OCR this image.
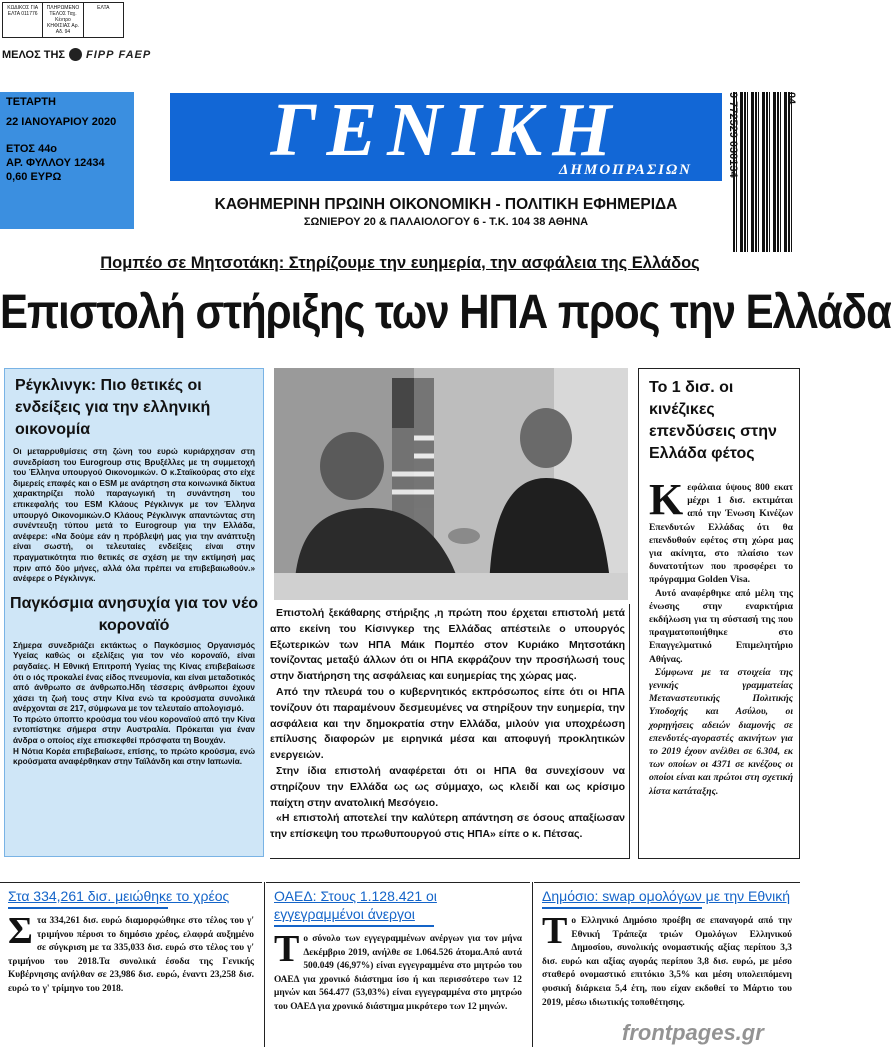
ΚΩΔΙΚΟΣ ΓΙΑ ΕΛΤΑ 011776
ΠΛΗΡΩΜΕΝΟ ΤΕΛΟΣ Ταχ. Κέντρο ΚΗΦΙΣΙΑΣ Αρ. Αδ. 94
ΕΛΤΑ
ΜΕΛΟΣ ΤΗΣ FIPP FAEP
ΤΕΤΑΡΤΗ
22 ΙΑΝΟΥΑΡΙΟΥ 2020
ΕΤΟΣ 44ο
ΑΡ. ΦΥΛΛΟΥ 12434
0,60 ΕΥΡΩ
ΓΕΝΙΚΗ
ΔΗΜΟΠΡΑΣΙΩΝ
ΚΑΘΗΜΕΡΙΝΗ ΠΡΩΙΝΗ ΟΙΚΟΝΟΜΙΚΗ - ΠΟΛΙΤΙΚΗ ΕΦΗΜΕΡΙΔΑ
ΣΩΝΙΕΡΟΥ 20 & ΠΑΛΑΙΟΛΟΓΟΥ 6 - Τ.Κ. 104 38 ΑΘΗΝΑ
9 772529 030134	04
Πομπέο σε Μητσοτάκη: Στηρίζουμε την ευημερία, την ασφάλεια της Ελλάδος
Επιστολή στήριξης των ΗΠΑ προς την Ελλάδα
Ρέγκλινγκ: Πιο θετικές οι ενδείξεις για την ελληνική οικονομία

Οι μεταρρυθμίσεις στη ζώνη του ευρώ κυριάρχησαν στη συνεδρίαση του Eurogroup στις Βρυξέλλες με τη συμμετοχή του Έλληνα υπουργού Οικονομικών. Ο κ.Σταϊκούρας στο είχε διμερείς επαφές και ο ESM με ανάρτηση στα κοινωνικά δίκτυα χαρακτηρίζει πολύ παραγωγική τη συνάντηση του επικεφαλής του ESM Κλάους Ρέγκλινγκ με τον Έλληνα υπουργό Οικονομικών.Ο Κλάους Ρέγκλινγκ απαντώντας στη συνέντευξη τύπου μετά το Eurogroup για την Ελλάδα, ανέφερε: «Να δούμε εάν η πρόβλεψή μας για την ανάπτυξη είναι σωστή, οι τελευταίες ενδείξεις είναι στην πραγματικότητα πιο θετικές σε σχέση με την εκτίμησή μας πριν από δύο μήνες, αλλά όλα πρέπει να επιβεβαιωθούν.» ανέφερε ο Ρέγκλινγκ.

Παγκόσμια ανησυχία για τον νέο κοροναϊό

Σήμερα συνεδριάζει εκτάκτως ο Παγκόσμιος Οργανισμός Υγείας καθώς οι εξελίξεις για τον νέο κοροναϊό, είναι ραγδαίες. Η Εθνική Επιτροπή Υγείας της Κίνας επιβεβαίωσε ότι ο ιός προκαλεί ένας είδος πνευμονία, και είναι μεταδοτικός από άνθρωπο σε άνθρωπο.Ηδη τέσσερις άνθρωποι έχουν χάσει τη ζωή τους στην Κίνα ενώ τα κρούσματα συνολικά ανέρχονται σε 217, σύμφωνα με τον τελευταίο απολογισμό.

Το πρώτο ύποπτο κρούσμα του νέου κοροναϊού από την Κίνα εντοπίστηκε σήμερα στην Αυστραλία. Πρόκειται για έναν άνδρα ο οποίος είχε επισκεφθεί πρόσφατα τη Βουχάν.

Η Νότια Κορέα επιβεβαίωσε, επίσης, το πρώτο κρούσμα, ενώ κρούσματα αναφέρθηκαν στην Ταϊλάνδη και στην Ιαπωνία.

Επιστολή ξεκάθαρης στήριξης ,η πρώτη που έρχεται επιστολή μετά απο εκείνη του Κίσινγκερ της Ελλάδας απέστειλε ο υπουργός Εξωτερικών των ΗΠΑ Μάικ Πομπέο στον Κυριάκο Μητσοτάκη τονίζοντας μεταξύ άλλων ότι οι ΗΠΑ εκφράζουν την προσήλωσή τους στην διατήρηση της ασφάλειας και ευημερίας της χώρας μας.

Από την πλευρά του ο κυβερνητικός εκπρόσωπος είπε ότι οι ΗΠΑ τονίζουν ότι παραμένουν δεσμευμένες να στηρίξουν την ευημερία, την ασφάλεια και την δημοκρατία στην Ελλάδα, μιλούν για υποχρέωση επίλυσης διαφορών με ειρηνικά μέσα και αποφυγή προκλητικών ενεργειών.

Στην ίδια επιστολή αναφέρεται ότι οι ΗΠΑ θα συνεχίσουν να στηρίζουν την Ελλάδα ως ως σύμμαχο, ως κλειδί και ως κρίσιμο παίχτη στην ανατολική Μεσόγειο.

«Η επιστολή αποτελεί την καλύτερη απάντηση σε όσους απαξίωσαν την επίσκεψη του πρωθυπουργού στις ΗΠΑ» είπε ο κ. Πέτσας.

Το 1 δισ. οι κινέζικες επενδύσεις στην Ελλάδα φέτος

Κ εφάλαια ύψους 800 εκατ μέχρι 1 δισ. εκτιμάται από την Ένωση Κινέζων Επενδυτών Ελλάδας ότι θα επενδυθούν εφέτος στη χώρα μας για ακίνητα, στο πλαίσιο των δυνατοτήτων που προσφέρει το πρόγραμμα Golden Visa.

Αυτό αναφέρθηκε από μέλη της ένωσης στην εναρκτήρια εκδήλωση για τη σύστασή της που πραγματοποιήθηκε στο Επαγγελματικό Επιμελητήριο Αθήνας.

Σύμφωνα με τα στοιχεία της γενικής γραμματείας Μεταναστευτικής Πολιτικής Υποδοχής και Ασύλου, οι χορηγήσεις αδειών διαμονής σε επενδυτές-αγοραστές ακινήτων για το 2019 έχουν ανέλθει σε 6.304, εκ των οποίων οι 4371 σε κινέζους οι οποίοι είναι και πρώτοι στη σχετική λίστα κατάταξης.

Στα 334,261 δισ. μειώθηκε το χρέος

Σ τα 334,261 δισ. ευρώ διαμορφώθηκε στο τέλος του γ' τριμήνου πέρυσι το δημόσιο χρέος, ελαφρά αυξημένο σε σύγκριση με τα 335,033 δισ. ευρώ στο τέλος του γ' τριμήνου του 2018.Τα συνολικά έσοδα της Γενικής Κυβέρνησης ανήλθαν σε 23,986 δισ. ευρώ, έναντι 23,258 δισ. ευρώ το γ' τρίμηνο του 2018.

ΟΑΕΔ: Στους 1.128.421 οι εγγεγραμμένοι άνεργοι

Τ ο σύνολο των εγγεγραμμένων ανέργων για τον μήνα Δεκέμβριο 2019, ανήλθε σε 1.064.526 άτομα.Από αυτά 500.049 (46,97%) είναι εγγεγραμμένα στο μητρώο του ΟΑΕΔ για χρονικό διάστημα ίσο ή και περισσότερο των 12 μηνών και 564.477 (53,03%) είναι εγγεγραμμένα στο μητρώο του ΟΑΕΔ για χρονικό διάστημα μικρότερο των 12 μηνών.

Δημόσιο: swap ομολόγων με την Εθνική

Τ ο Ελληνικό Δημόσιο προέβη σε επαναγορά από την Εθνική Τράπεζα τριών Ομολόγων Ελληνικού Δημοσίου, συνολικής ονομαστικής αξίας περίπου 3,3 δισ. ευρώ και αξίας αγοράς περίπου 3,8 δισ. ευρώ, με μέσο σταθερό ονομαστικό επιτόκιο 3,5% και μέση υπολειπόμενη φυσική διάρκεια 5,4 έτη, που είχαν εκδοθεί το Μάρτιο του 2019, μέσω ιδιωτικής τοποθέτησης.

frontpages.gr
